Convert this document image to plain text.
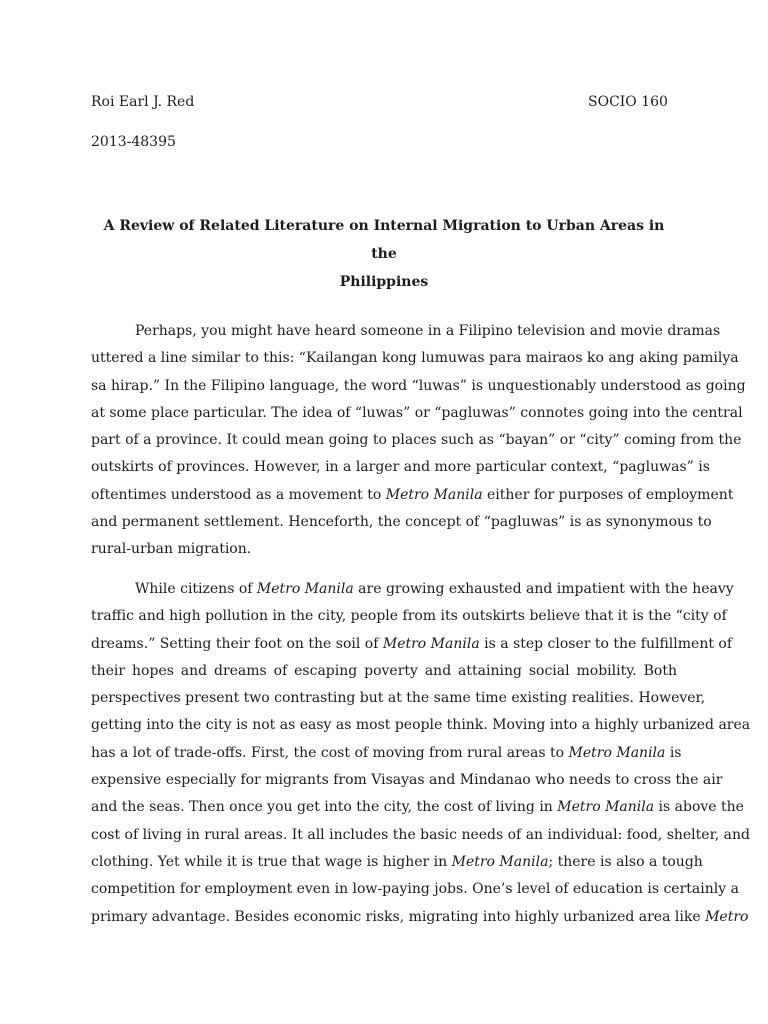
Roi Earl J. Red	SOCIO 160
2013-48395
A Review of Related Literature on Internal Migration to Urban Areas in the
Philippines
Perhaps, you might have heard someone in a Filipino television and movie dramas
uttered a line similar to this: “Kailangan kong lumuwas para mairaos ko ang aking pamilya
sa hirap.” In the Filipino language, the word “luwas” is unquestionably understood as going
at some place particular. The idea of “luwas” or “pagluwas” connotes going into the central
part of a province. It could mean going to places such as “bayan” or “city” coming from the
outskirts of provinces. However, in a larger and more particular context, “pagluwas” is
oftentimes understood as a movement to Metro Manila either for purposes of employment
and permanent settlement. Henceforth, the concept of “pagluwas” is as synonymous to
rural-urban migration.
While citizens of Metro Manila are growing exhausted and impatient with the heavy
traffic and high pollution in the city, people from its outskirts believe that it is the “city of
dreams.” Setting their foot on the soil of Metro Manila is a step closer to the fulfillment of
their hopes and dreams of escaping poverty and attaining social mobility. Both
perspectives present two contrasting but at the same time existing realities. However,
getting into the city is not as easy as most people think. Moving into a highly urbanized area
has a lot of trade-offs. First, the cost of moving from rural areas to Metro Manila is
expensive especially for migrants from Visayas and Mindanao who needs to cross the air
and the seas. Then once you get into the city, the cost of living in Metro Manila is above the
cost of living in rural areas. It all includes the basic needs of an individual: food, shelter, and
clothing. Yet while it is true that wage is higher in Metro Manila; there is also a tough
competition for employment even in low-paying jobs. One’s level of education is certainly a
primary advantage. Besides economic risks, migrating into highly urbanized area like Metro
